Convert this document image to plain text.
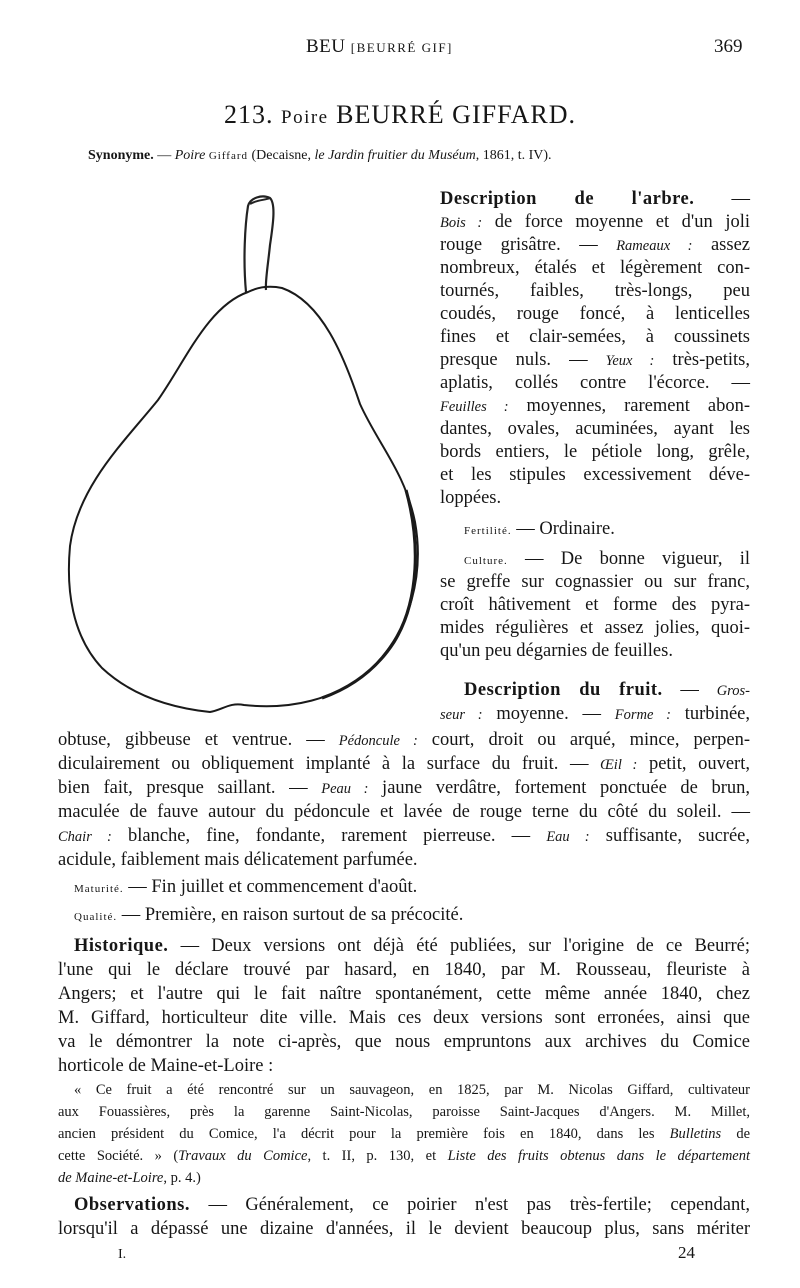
BEU [BEURRÉ GIF]	369
213. Poire BEURRÉ GIFFARD.
Synonyme. — Poire Giffard (Decaisne, le Jardin fruitier du Muséum, 1861, t. IV).
Description de l'arbre. —
Bois : de force moyenne et d'un joli
rouge grisâtre. — Rameaux : assez
nombreux, étalés et légèrement con-
tournés, faibles, très-longs, peu
coudés, rouge foncé, à lenticelles
fines et clair-semées, à coussinets
presque nuls. — Yeux : très-petits,
aplatis, collés contre l'écorce. —
Feuilles : moyennes, rarement abon-
dantes, ovales, acuminées, ayant les
bords entiers, le pétiole long, grêle,
et les stipules excessivement déve-
loppées.
Fertilité. — Ordinaire.
Culture. — De bonne vigueur, il
se greffe sur cognassier ou sur franc,
croît hâtivement et forme des pyra-
mides régulières et assez jolies, quoi-
qu'un peu dégarnies de feuilles.
Description du fruit. — Gros-
seur : moyenne. — Forme : turbinée,
obtuse, gibbeuse et ventrue. — Pédoncule : court, droit ou arqué, mince, perpen-
diculairement ou obliquement implanté à la surface du fruit. — Œil : petit, ouvert,
bien fait, presque saillant. — Peau : jaune verdâtre, fortement ponctuée de brun,
maculée de fauve autour du pédoncule et lavée de rouge terne du côté du soleil. —
Chair : blanche, fine, fondante, rarement pierreuse. — Eau : suffisante, sucrée,
acidule, faiblement mais délicatement parfumée.
Maturité. — Fin juillet et commencement d'août.
Qualité. — Première, en raison surtout de sa précocité.
Historique. — Deux versions ont déjà été publiées, sur l'origine de ce Beurré;
l'une qui le déclare trouvé par hasard, en 1840, par M. Rousseau, fleuriste à
Angers; et l'autre qui le fait naître spontanément, cette même année 1840, chez
M. Giffard, horticulteur dite ville. Mais ces deux versions sont erronées, ainsi que
va le démontrer la note ci-après, que nous empruntons aux archives du Comice
horticole de Maine-et-Loire :
« Ce fruit a été rencontré sur un sauvageon, en 1825, par M. Nicolas Giffard, cultivateur
aux Fouassières, près la garenne Saint-Nicolas, paroisse Saint-Jacques d'Angers. M. Millet,
ancien président du Comice, l'a décrit pour la première fois en 1840, dans les Bulletins de
cette Société. » (Travaux du Comice, t. II, p. 130, et Liste des fruits obtenus dans le département
de Maine-et-Loire, p. 4.)
Observations. — Généralement, ce poirier n'est pas très-fertile; cependant,
lorsqu'il a dépassé une dizaine d'années, il le devient beaucoup plus, sans mériter
I.	24
